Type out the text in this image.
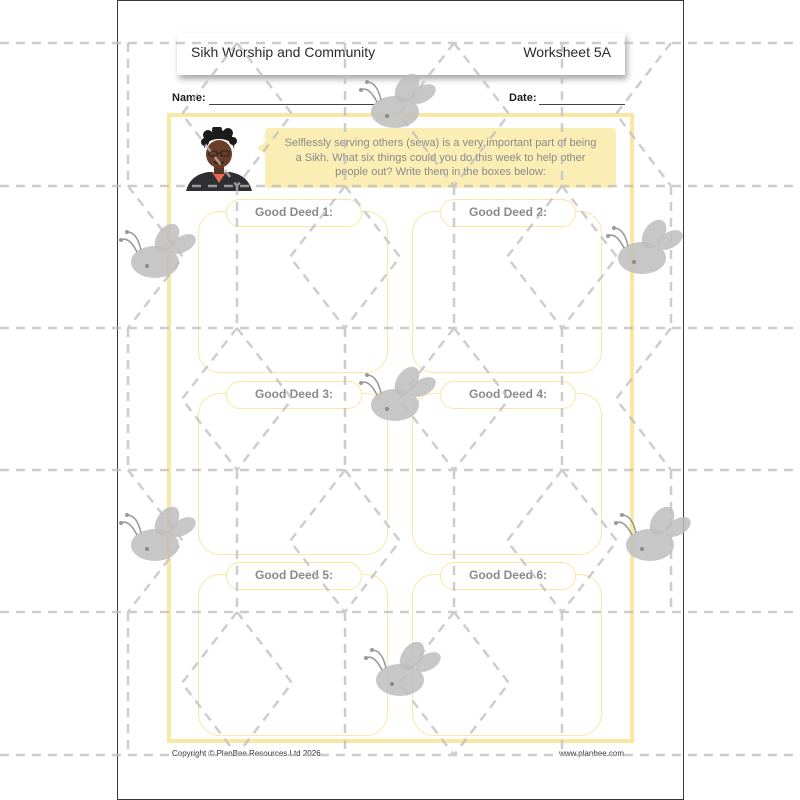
Sikh Worship and Community	Worksheet 5A
Name:	Date:
Selflessly serving others (sewa) is a very important part of being
a Sikh. What six things could you do this week to help other
people out? Write them in the boxes below:
Good Deed 1:	Good Deed 2:
Good Deed 3:	Good Deed 4:
Good Deed 5:	Good Deed 6:
Copyright © PlanBee Resources Ltd 2026	www.planbee.com
